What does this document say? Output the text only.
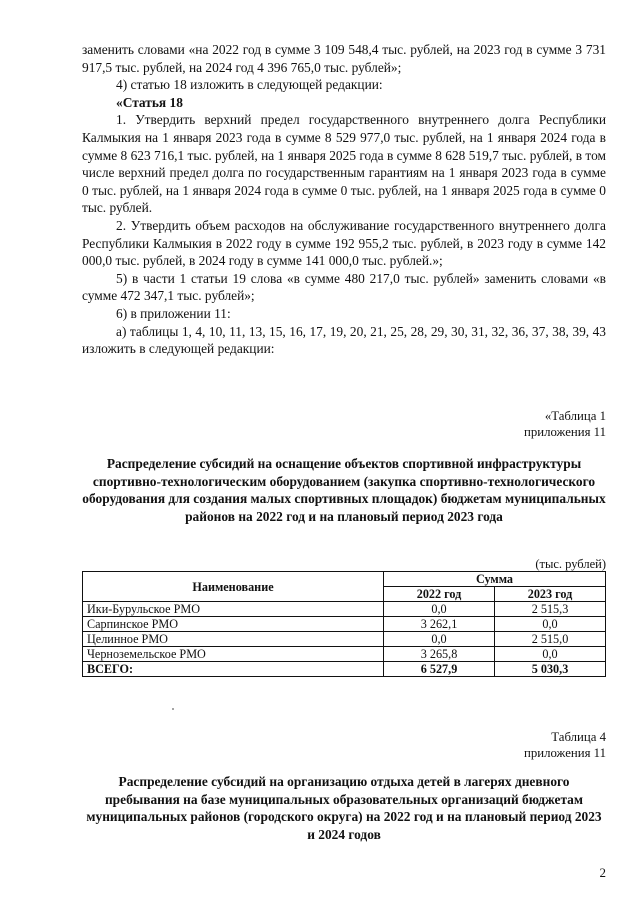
заменить словами «на 2022 год в сумме 3 109 548,4 тыс. рублей, на 2023 год в сумме 3 731 917,5 тыс. рублей, на 2024 год 4 396 765,0 тыс. рублей»;

4) статью 18 изложить в следующей редакции:

«Статья 18

1. Утвердить верхний предел государственного внутреннего долга Республики Калмыкия на 1 января 2023 года в сумме 8 529 977,0 тыс. рублей, на 1 января 2024 года в сумме 8 623 716,1 тыс. рублей, на 1 января 2025 года в сумме 8 628 519,7 тыс. рублей, в том числе верхний предел долга по государственным гарантиям на 1 января 2023 года в сумме 0 тыс. рублей, на 1 января 2024 года в сумме 0 тыс. рублей, на 1 января 2025 года в сумме 0 тыс. рублей.

2. Утвердить объем расходов на обслуживание государственного внутреннего долга Республики Калмыкия в 2022 году в сумме 192 955,2 тыс. рублей, в 2023 году в сумме 142 000,0 тыс. рублей, в 2024 году в сумме 141 000,0 тыс. рублей.»;

5) в части 1 статьи 19 слова «в сумме 480 217,0 тыс. рублей» заменить словами «в сумме 472 347,1 тыс. рублей»;

6) в приложении 11:

а) таблицы 1, 4, 10, 11, 13, 15, 16, 17, 19, 20, 21, 25, 28, 29, 30, 31, 32, 36, 37, 38, 39, 43 изложить в следующей редакции:

«Таблица 1
приложения 11
Распределение субсидий на оснащение объектов спортивной инфраструктуры спортивно-технологическим оборудованием (закупка спортивно-технологического оборудования для создания малых спортивных площадок) бюджетам муниципальных районов на 2022 год и на плановый период 2023 года
(тыс. рублей)
Наименование	Сумма	
	2022 год	2023 год
Ики-Бурульское РМО	0,0	2 515,3
Сарпинское РМО	3 262,1	0,0
Целинное РМО	0,0	2 515,0
Черноземельское РМО	3 265,8	0,0
ВСЕГО:	6 527,9	5 030,3
Таблица 4
приложения 11
Распределение субсидий на организацию отдыха детей в лагерях дневного пребывания на базе муниципальных образовательных организаций бюджетам муниципальных районов (городского округа) на 2022 год и на плановый период 2023 и 2024 годов
2
